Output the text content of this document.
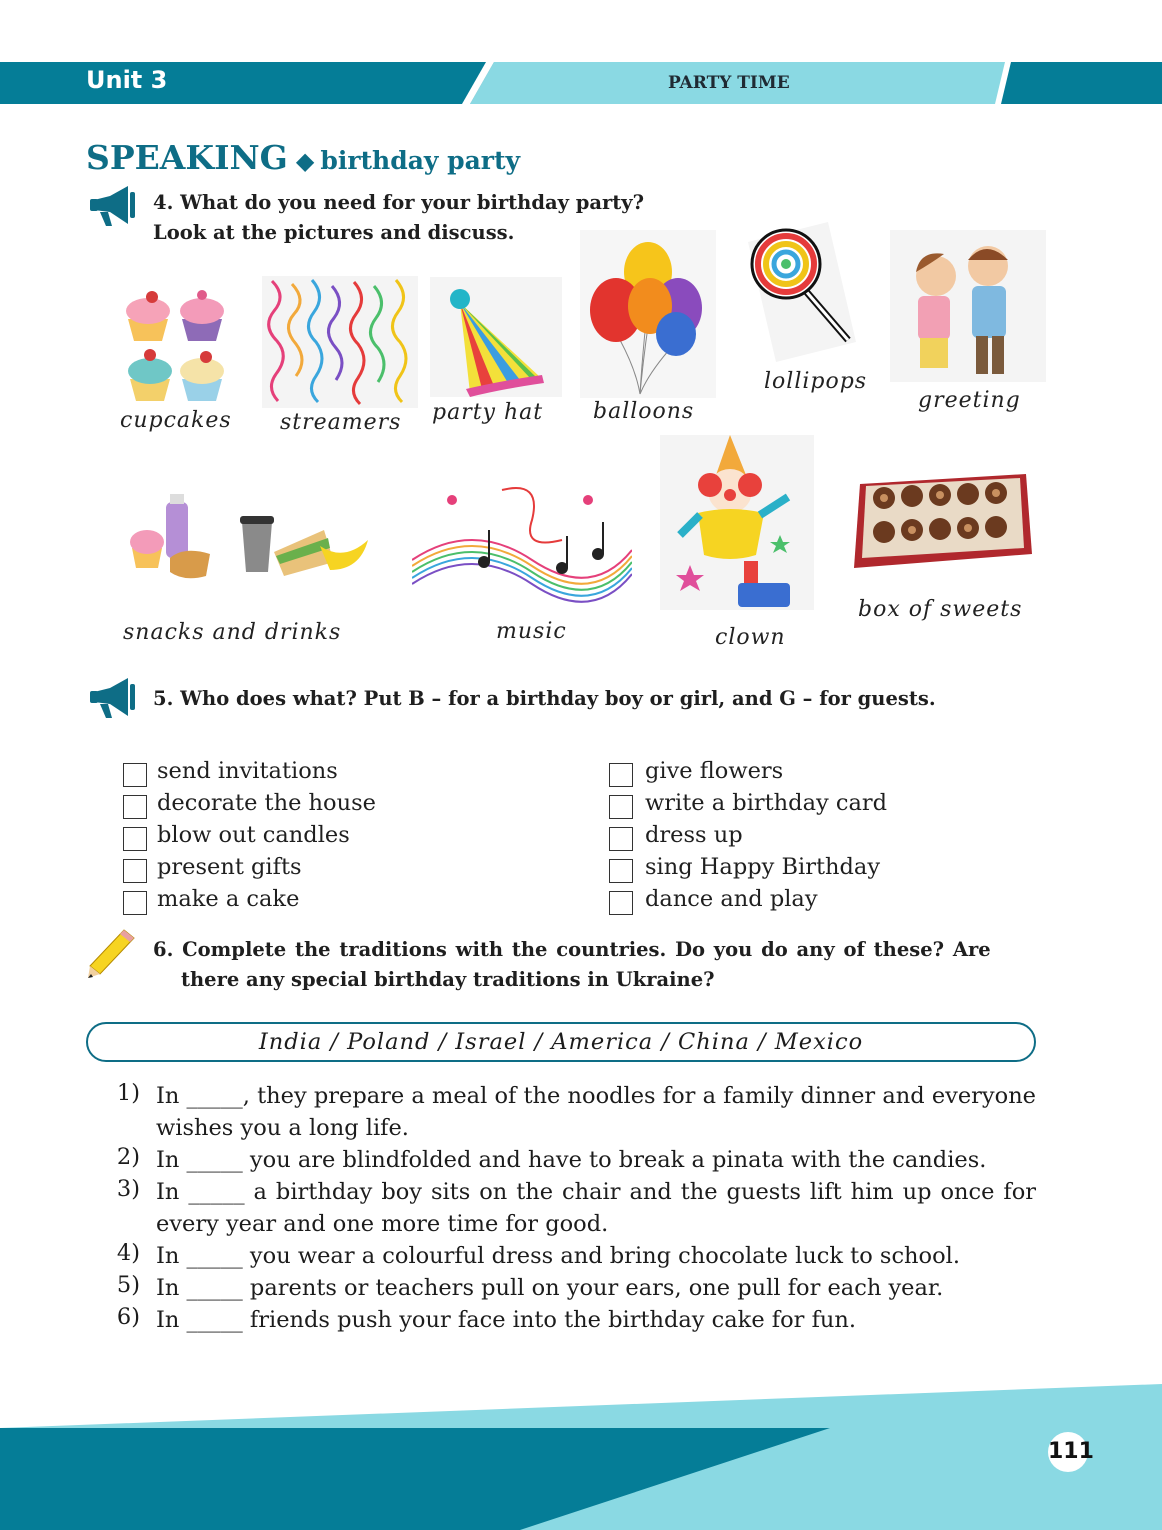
Unit 3	PARTY TIME
SPEAKING ◆ birthday party
4. What do you need for your birthday party?
Look at the pictures and discuss.
cupcakes streamers party hat balloons
lollipops
greeting
snacks and drinks	music	clown
box of sweets
5. Who does what? Put B – for a birthday boy or girl, and G – for guests.
send invitations
decorate the house
blow out candles
present gifts
make a cake
give flowers
write a birthday card
dress up
sing Happy Birthday
dance and play
6. Complete the traditions with the countries. Do you do any of these? Are
there any special birthday traditions in Ukraine?
India / Poland / Israel / America / China / Mexico
1) In _____, they prepare a meal of the noodles for a family dinner and everyone wishes you a long life.
2) In _____ you are blindfolded and have to break a pinata with the candies.
3) In _____ a birthday boy sits on the chair and the guests lift him up once for every year and one more time for good.
4) In _____ you wear a colourful dress and bring chocolate luck to school.
5) In _____ parents or teachers pull on your ears, one pull for each year.
6) In _____ friends push your face into the birthday cake for fun.
111
